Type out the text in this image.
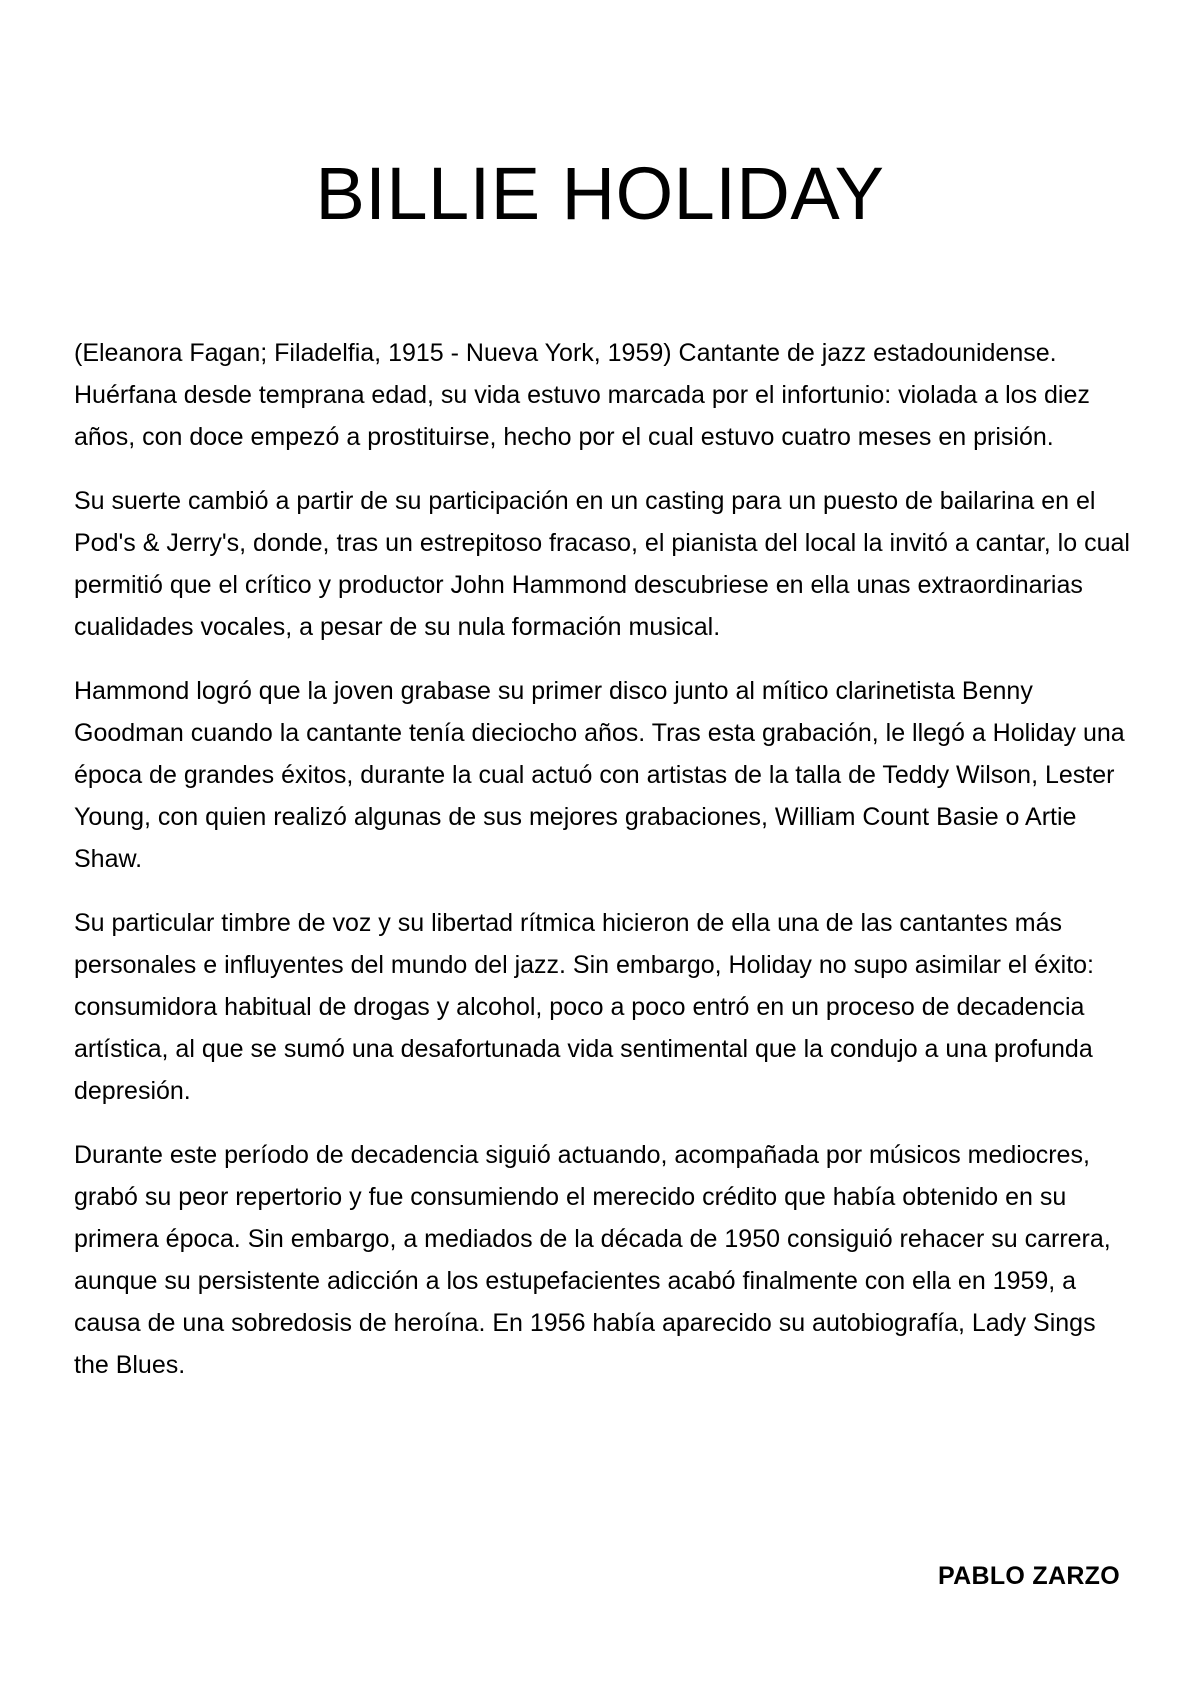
BILLIE HOLIDAY

(Eleanora Fagan; Filadelfia, 1915 - Nueva York, 1959) Cantante de jazz estadounidense. Huérfana desde temprana edad, su vida estuvo marcada por el infortunio: violada a los diez años, con doce empezó a prostituirse, hecho por el cual estuvo cuatro meses en prisión.

Su suerte cambió a partir de su participación en un casting para un puesto de bailarina en el Pod's & Jerry's, donde, tras un estrepitoso fracaso, el pianista del local la invitó a cantar, lo cual permitió que el crítico y productor John Hammond descubriese en ella unas extraordinarias cualidades vocales, a pesar de su nula formación musical.

Hammond logró que la joven grabase su primer disco junto al mítico clarinetista Benny Goodman cuando la cantante tenía dieciocho años. Tras esta grabación, le llegó a Holiday una época de grandes éxitos, durante la cual actuó con artistas de la talla de Teddy Wilson, Lester Young, con quien realizó algunas de sus mejores grabaciones, William Count Basie o Artie Shaw.

Su particular timbre de voz y su libertad rítmica hicieron de ella una de las cantantes más personales e influyentes del mundo del jazz. Sin embargo, Holiday no supo asimilar el éxito: consumidora habitual de drogas y alcohol, poco a poco entró en un proceso de decadencia artística, al que se sumó una desafortunada vida sentimental que la condujo a una profunda depresión.

Durante este período de decadencia siguió actuando, acompañada por músicos mediocres, grabó su peor repertorio y fue consumiendo el merecido crédito que había obtenido en su primera época. Sin embargo, a mediados de la década de 1950 consiguió rehacer su carrera, aunque su persistente adicción a los estupefacientes acabó finalmente con ella en 1959, a causa de una sobredosis de heroína. En 1956 había aparecido su autobiografía, Lady Sings the Blues.

PABLO ZARZO
